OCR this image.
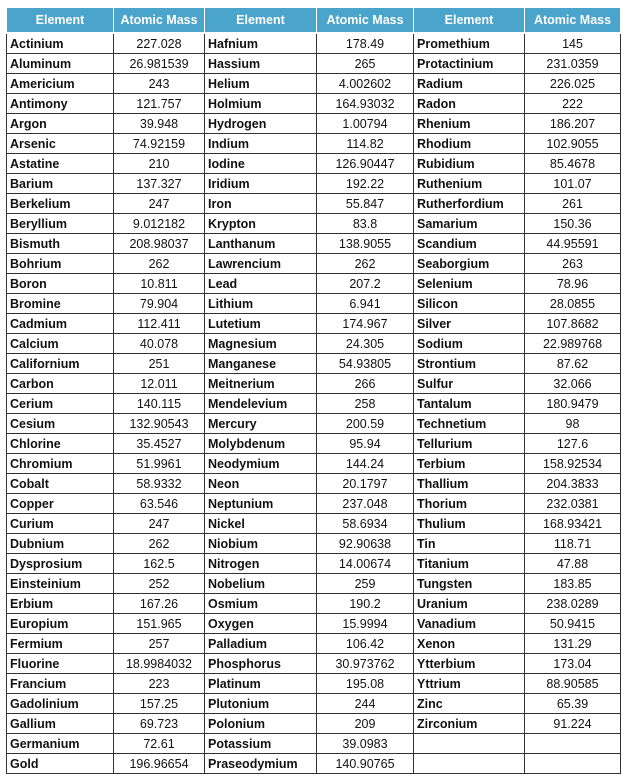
Element	Atomic Mass	Element	Atomic Mass	Element	Atomic Mass
Actinium	227.028	Hafnium	178.49	Promethium	145
Aluminum	26.981539	Hassium	265	Protactinium	231.0359
Americium	243	Helium	4.002602	Radium	226.025
Antimony	121.757	Holmium	164.93032	Radon	222
Argon	39.948	Hydrogen	1.00794	Rhenium	186.207
Arsenic	74.92159	Indium	114.82	Rhodium	102.9055
Astatine	210	Iodine	126.90447	Rubidium	85.4678
Barium	137.327	Iridium	192.22	Ruthenium	101.07
Berkelium	247	Iron	55.847	Rutherfordium	261
Beryllium	9.012182	Krypton	83.8	Samarium	150.36
Bismuth	208.98037	Lanthanum	138.9055	Scandium	44.95591
Bohrium	262	Lawrencium	262	Seaborgium	263
Boron	10.811	Lead	207.2	Selenium	78.96
Bromine	79.904	Lithium	6.941	Silicon	28.0855
Cadmium	112.411	Lutetium	174.967	Silver	107.8682
Calcium	40.078	Magnesium	24.305	Sodium	22.989768
Californium	251	Manganese	54.93805	Strontium	87.62
Carbon	12.011	Meitnerium	266	Sulfur	32.066
Cerium	140.115	Mendelevium	258	Tantalum	180.9479
Cesium	132.90543	Mercury	200.59	Technetium	98
Chlorine	35.4527	Molybdenum	95.94	Tellurium	127.6
Chromium	51.9961	Neodymium	144.24	Terbium	158.92534
Cobalt	58.9332	Neon	20.1797	Thallium	204.3833
Copper	63.546	Neptunium	237.048	Thorium	232.0381
Curium	247	Nickel	58.6934	Thulium	168.93421
Dubnium	262	Niobium	92.90638	Tin	118.71
Dysprosium	162.5	Nitrogen	14.00674	Titanium	47.88
Einsteinium	252	Nobelium	259	Tungsten	183.85
Erbium	167.26	Osmium	190.2	Uranium	238.0289
Europium	151.965	Oxygen	15.9994	Vanadium	50.9415
Fermium	257	Palladium	106.42	Xenon	131.29
Fluorine	18.9984032	Phosphorus	30.973762	Ytterbium	173.04
Francium	223	Platinum	195.08	Yttrium	88.90585
Gadolinium	157.25	Plutonium	244	Zinc	65.39
Gallium	69.723	Polonium	209	Zirconium	91.224
Germanium	72.61	Potassium	39.0983		
Gold	196.96654	Praseodymium	140.90765		
